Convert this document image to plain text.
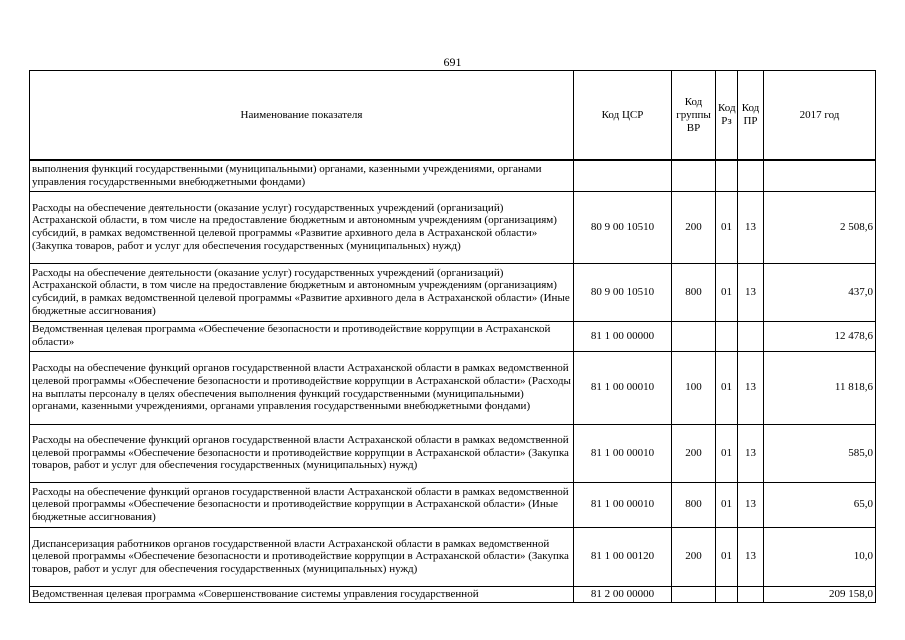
691
Наименование показателя	Код ЦСР	Код группы ВР	Код Рз	Код ПР	2017 год
выполнения функций государственными (муниципальными) органами, казенными учреждениями, органами управления государственными внебюджетными фондами)					
Расходы на обеспечение деятельности (оказание услуг) государственных учреждений (организаций) Астраханской области, в том числе на предоставление бюджетным и автономным учреждениям (организациям) субсидий, в рамках ведомственной целевой программы «Развитие архивного дела в Астраханской области» (Закупка товаров, работ и услуг для обеспечения государственных (муниципальных) нужд)	80 9 00 10510	200	01	13	2 508,6
Расходы на обеспечение деятельности (оказание услуг) государственных учреждений (организаций) Астраханской области, в том числе на предоставление бюджетным и автономным учреждениям (организациям) субсидий, в рамках ведомственной целевой программы «Развитие архивного дела в Астраханской области» (Иные бюджетные ассигнования)	80 9 00 10510	800	01	13	437,0
Ведомственная целевая программа «Обеспечение безопасности и противодействие коррупции в Астраханской области»	81 1 00 00000				12 478,6
Расходы на обеспечение функций органов государственной власти Астраханской области в рамках ведомственной целевой программы «Обеспечение безопасности и противодействие коррупции в Астраханской области» (Расходы на выплаты персоналу в целях обеспечения выполнения функций государственными (муниципальными) органами, казенными учреждениями, органами управления государственными внебюджетными фондами)	81 1 00 00010	100	01	13	11 818,6
Расходы на обеспечение функций органов государственной власти Астраханской области в рамках ведомственной целевой программы «Обеспечение безопасности и противодействие коррупции в Астраханской области» (Закупка товаров, работ и услуг для обеспечения государственных (муниципальных) нужд)	81 1 00 00010	200	01	13	585,0
Расходы на обеспечение функций органов государственной власти Астраханской области в рамках ведомственной целевой программы «Обеспечение безопасности и противодействие коррупции в Астраханской области» (Иные бюджетные ассигнования)	81 1 00 00010	800	01	13	65,0
Диспансеризация работников органов государственной власти Астраханской области в рамках ведомственной целевой программы «Обеспечение безопасности и противодействие коррупции в Астраханской области» (Закупка товаров, работ и услуг для обеспечения государственных (муниципальных) нужд)	81 1 00 00120	200	01	13	10,0
Ведомственная целевая программа «Совершенствование системы управления государственной	81 2 00 00000				209 158,0
